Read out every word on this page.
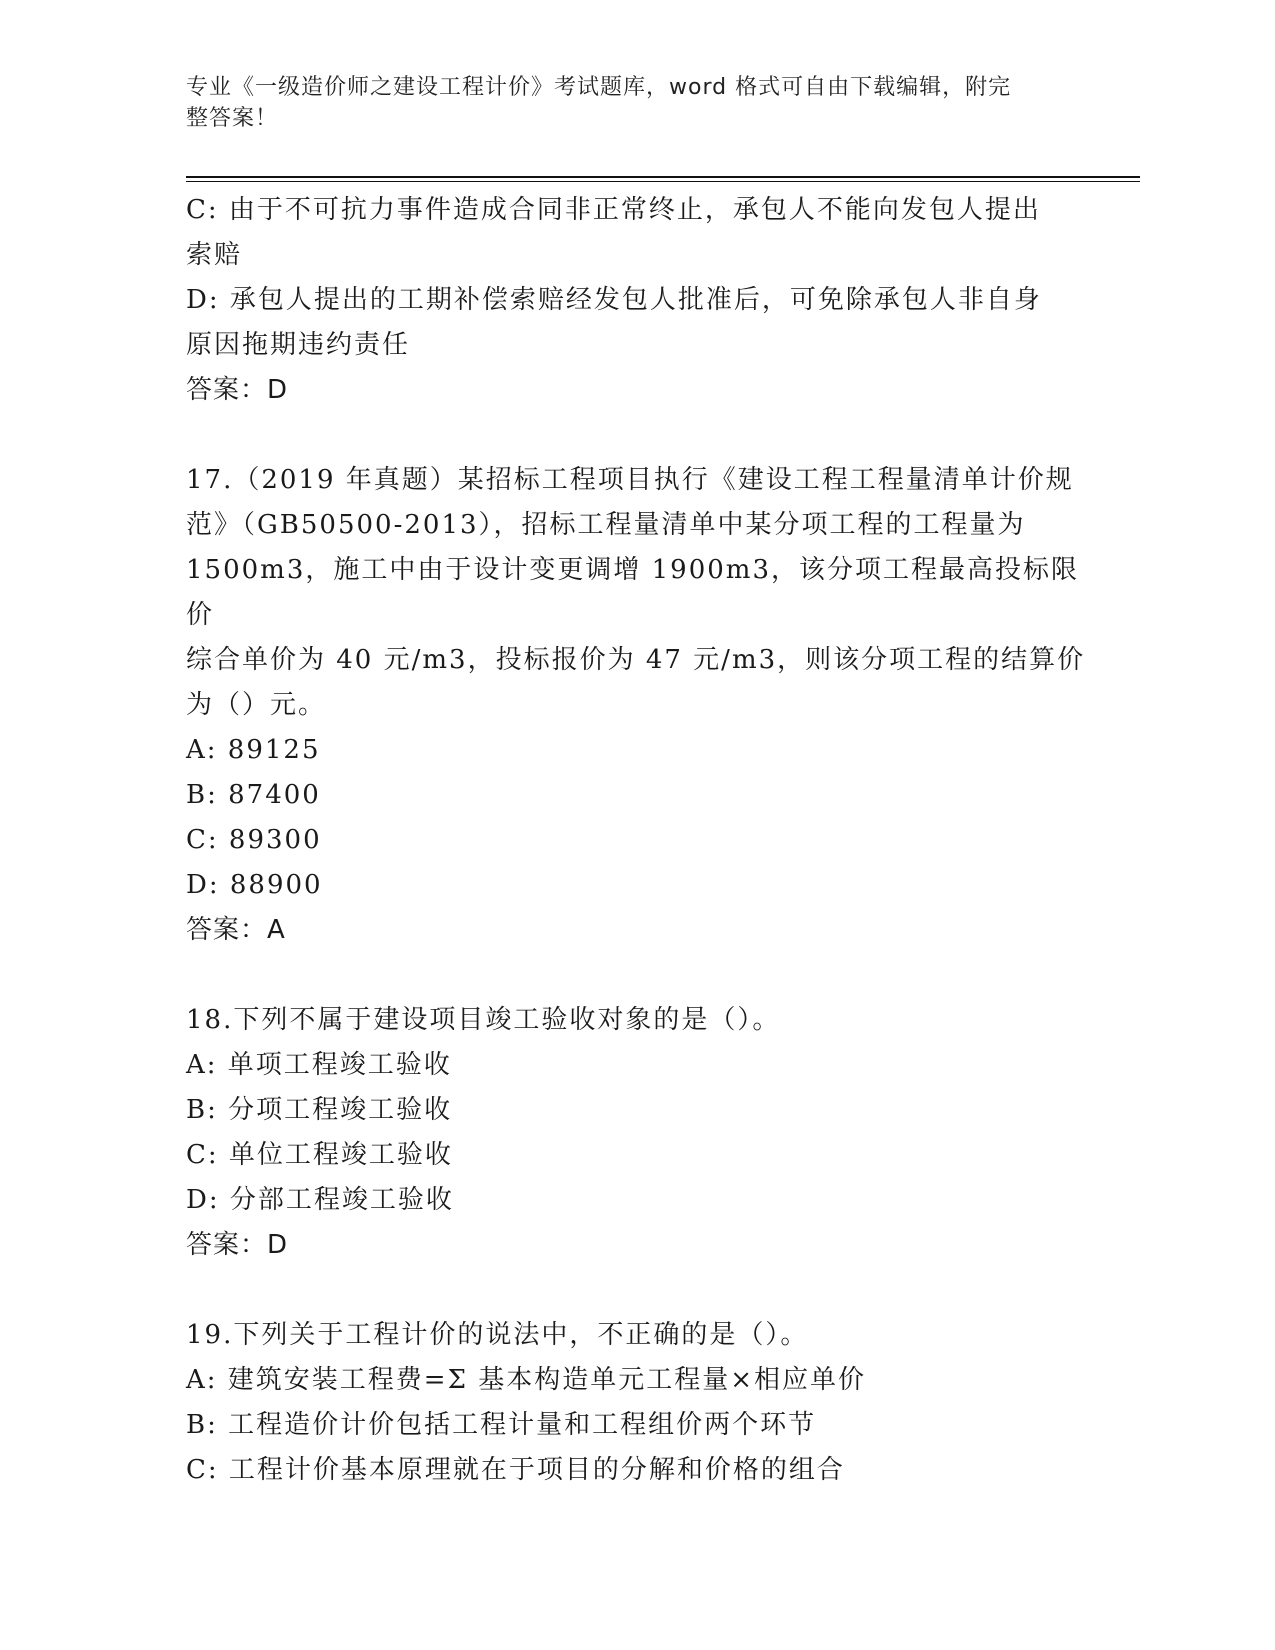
专业《一级造价师之建设工程计价》考试题库，word 格式可自由下载编辑，附完
整答案！
C: 由于不可抗力事件造成合同非正常终止，承包人不能向发包人提出
索赔
D: 承包人提出的工期补偿索赔经发包人批准后，可免除承包人非自身
原因拖期违约责任
答案：D
17.（2019 年真题）某招标工程项目执行《建设工程工程量清单计价规
范》（GB50500-2013），招标工程量清单中某分项工程的工程量为
1500m3，施工中由于设计变更调增 1900m3，该分项工程最高投标限价
综合单价为 40 元/m3，投标报价为 47 元/m3，则该分项工程的结算价
为（）元。
A: 89125
B: 87400
C: 89300
D: 88900
答案：A
18.下列不属于建设项目竣工验收对象的是（）。
A: 单项工程竣工验收
B: 分项工程竣工验收
C: 单位工程竣工验收
D: 分部工程竣工验收
答案：D
19.下列关于工程计价的说法中，不正确的是（）。
A: 建筑安装工程费=Σ 基本构造单元工程量×相应单价
B: 工程造价计价包括工程计量和工程组价两个环节
C: 工程计价基本原理就在于项目的分解和价格的组合
